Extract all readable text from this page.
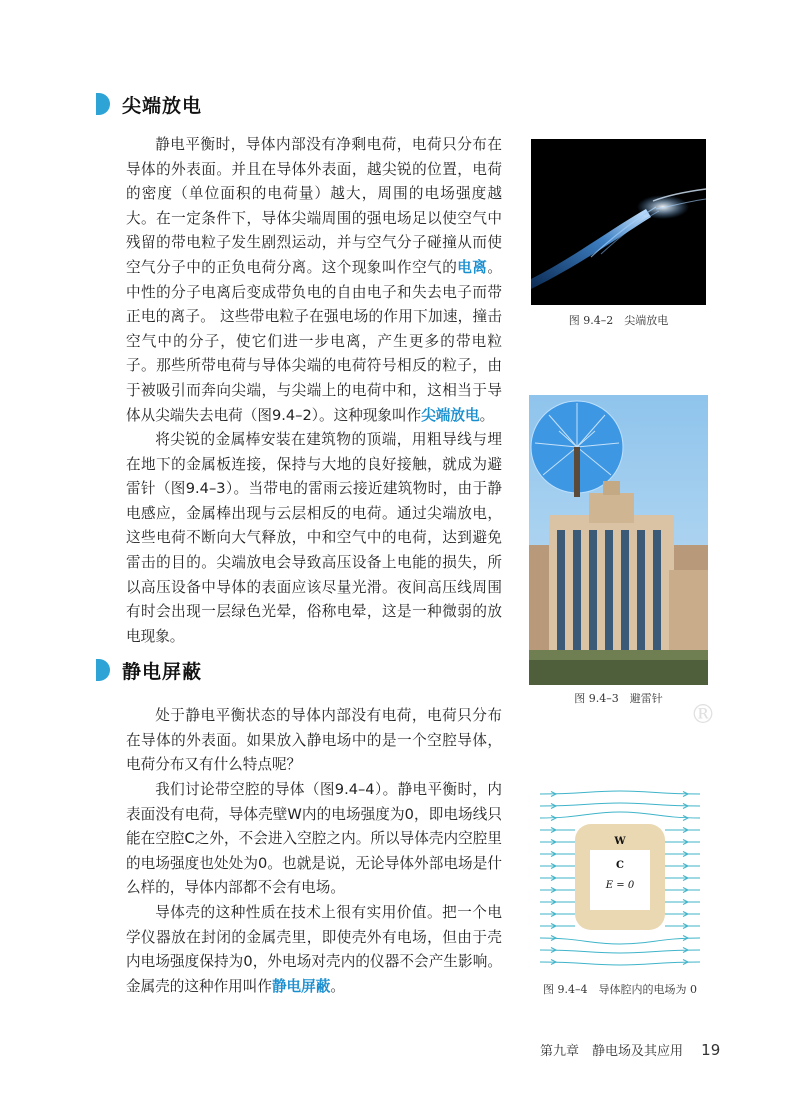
尖端放电

静电平衡时，导体内部没有净剩电荷，电荷只分布在导体的外表面。并且在导体外表面，越尖锐的位置，电荷的密度（单位面积的电荷量）越大，周围的电场强度越大。在一定条件下，导体尖端周围的强电场足以使空气中残留的带电粒子发生剧烈运动，并与空气分子碰撞从而使空气分子中的正负电荷分离。这个现象叫作空气的电离。中性的分子电离后变成带负电的自由电子和失去电子而带正电的离子。 这些带电粒子在强电场的作用下加速，撞击空气中的分子，使它们进一步电离，产生更多的带电粒子。那些所带电荷与导体尖端的电荷符号相反的粒子，由于被吸引而奔向尖端，与尖端上的电荷中和，这相当于导体从尖端失去电荷（图9.4–2）。这种现象叫作尖端放电。

将尖锐的金属棒安装在建筑物的顶端，用粗导线与埋在地下的金属板连接，保持与大地的良好接触，就成为避雷针（图9.4–3）。当带电的雷雨云接近建筑物时，由于静电感应，金属棒出现与云层相反的电荷。通过尖端放电，这些电荷不断向大气释放，中和空气中的电荷，达到避免雷击的目的。尖端放电会导致高压设备上电能的损失，所以高压设备中导体的表面应该尽量光滑。夜间高压线周围有时会出现一层绿色光晕，俗称电晕，这是一种微弱的放电现象。

静电屏蔽

处于静电平衡状态的导体内部没有电荷，电荷只分布在导体的外表面。如果放入静电场中的是一个空腔导体，电荷分布又有什么特点呢？

我们讨论带空腔的导体（图9.4–4）。静电平衡时，内表面没有电荷，导体壳壁W内的电场强度为0，即电场线只能在空腔C之外，不会进入空腔之内。所以导体壳内空腔里的电场强度也处处为0。也就是说，无论导体外部电场是什么样的，导体内部都不会有电场。

导体壳的这种性质在技术上很有实用价值。把一个电学仪器放在封闭的金属壳里，即使壳外有电场，但由于壳内电场强度保持为0，外电场对壳内的仪器不会产生影响。金属壳的这种作用叫作静电屏蔽。

图 9.4–2　尖端放电
图 9.4–3　避雷针
W
C
E = 0
图 9.4–4　导体腔内的电场为 0
®
第九章　静电场及其应用 19
